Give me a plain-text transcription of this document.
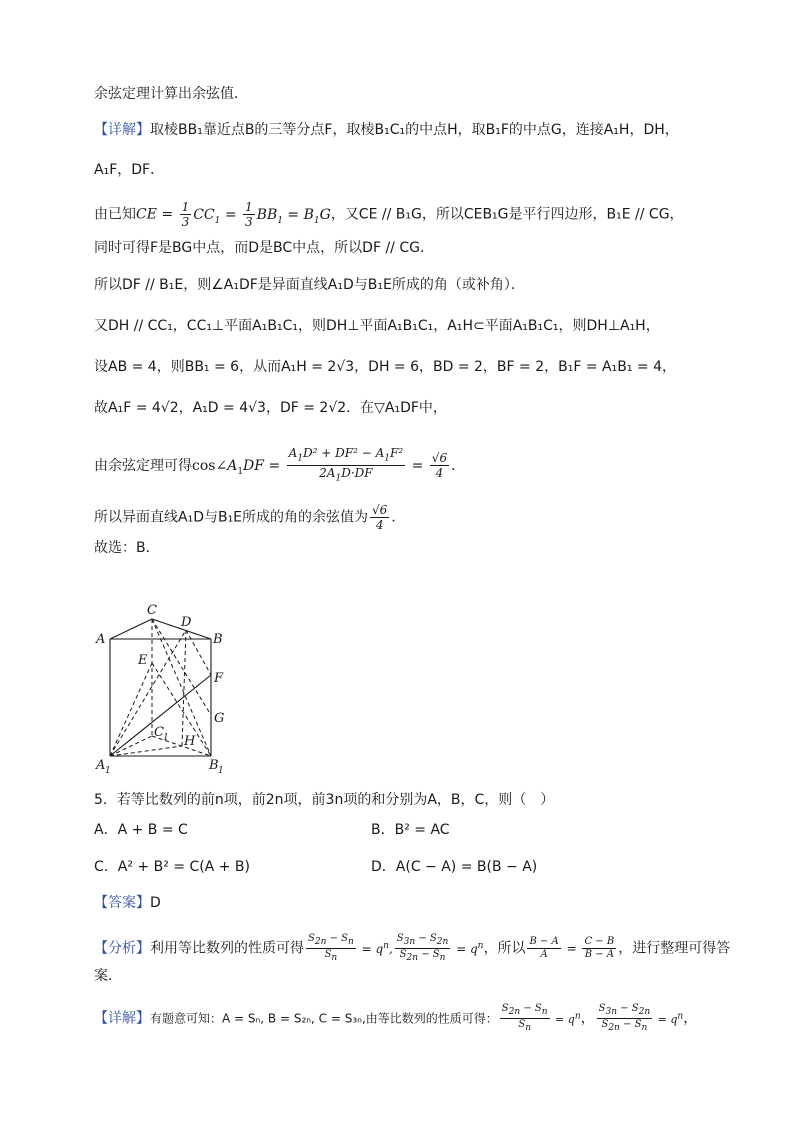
余弦定理计算出余弦值．
【详解】取棱BB₁靠近点B的三等分点F，取棱B₁C₁的中点H，取B₁F的中点G，连接A₁H，DH，
A₁F，DF．
由已知CE = $\frac{1}{3} CC_1 = \frac{1}{3} BB_1 = B_1G$，又CE // B₁G，所以CEB₁G是平行四边形，B₁E // CG，
同时可得F是BG中点，而D是BC中点，所以DF // CG．
所以DF // B₁E，则∠A₁DF是异面直线A₁D与B₁E所成的角（或补角）．
又DH // CC₁，CC₁⊥平面A₁B₁C₁，则DH⊥平面A₁B₁C₁，A₁H⊂平面A₁B₁C₁，则DH⊥A₁H，
设AB = 4，则BB₁ = 6，从而A₁H = 2√3，DH = 6，BD = 2，BF = 2，B₁F = A₁B₁ = 4，
故A₁F = 4√2，A₁D = 4√3，DF = 2√2．在▽A₁DF中，
由余弦定理可得$\cos\angle A_1DF = \frac{A_1D^2 + DF^2 - A_1F^2}{2A_1D\cdot DF} = \frac{√6}{4}$ ．
所以异面直线A₁D与B₁E所成的角的余弦值为 $\frac{√6}{4}$ ．
故选：B．
A
C
D
B
E
F
G
C 1 H
A 1	B 1
5．若等比数列的前n项，前2n项，前3n项的和分别为A，B，C，则（　）
A．A + B = C	B．B² = AC
C．A² + B² = C(A + B)	D．A(C − A) = B(B − A)
【答案】D
【分析】利用等比数列的性质可得 $\frac{S_{2n} - S_n}{S_n} = q^n$, $\frac{S_{3n} - S_{2n}}{S_{2n} - S_n} = q^n$，所以 $\frac{B - A}{A} = \frac{C - B}{B - A}$ ，进行整理可得答
案．
【详解】有题意可知：A = Sₙ, B = S₂ₙ, C = S₃ₙ,由等比数列的性质可得： $\frac{S_{2n} - S_n}{S_n} = q^n$， $\frac{S_{3n} - S_{2n}}{S_{2n} - S_n} = q^n$，
